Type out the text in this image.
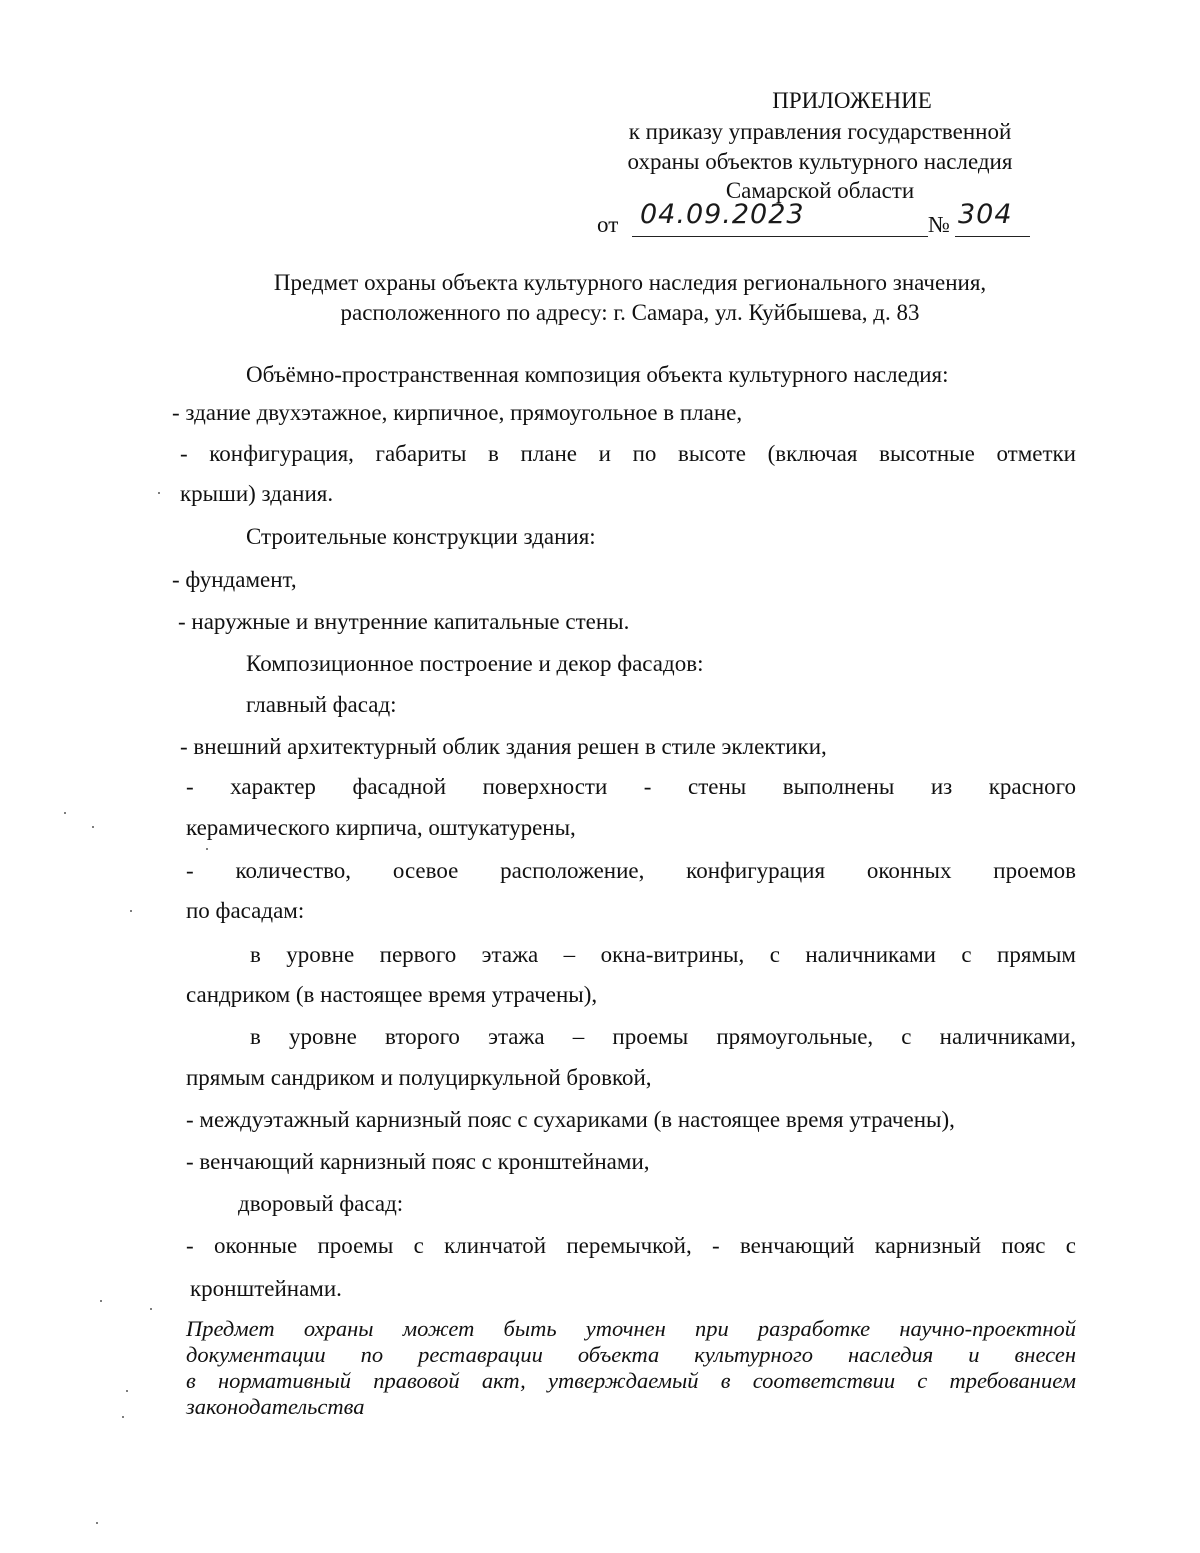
ПРИЛОЖЕНИЕ
к приказу управления государственной
охраны объектов культурного наследия
Самарской области
от 04.09.2023	№ 304
Предмет охраны объекта культурного наследия регионального значения,
расположенного по адресу: г. Самара, ул. Куйбышева, д. 83
Объёмно-пространственная композиция объекта культурного наследия:
- здание двухэтажное, кирпичное, прямоугольное в плане,
- конфигурация, габариты в плане и по высоте (включая высотные отметки
крыши) здания.
Строительные конструкции здания:
- фундамент,
- наружные и внутренние капитальные стены.
Композиционное построение и декор фасадов:
главный фасад:
- внешний архитектурный облик здания решен в стиле эклектики,
- характер фасадной поверхности - стены выполнены из красного
керамического кирпича, оштукатурены,
- количество, осевое расположение, конфигурация оконных проемов
по фасадам:
в уровне первого этажа – окна-витрины, с наличниками с прямым
сандриком (в настоящее время утрачены),
в уровне второго этажа – проемы прямоугольные, с наличниками,
прямым сандриком и полуциркульной бровкой,
- междуэтажный карнизный пояс с сухариками (в настоящее время утрачены),
- венчающий карнизный пояс с кронштейнами,
дворовый фасад:
- оконные проемы с клинчатой перемычкой, - венчающий карнизный пояс с
кронштейнами.
Предмет охраны может быть уточнен при разработке научно-проектной
документации по реставрации объекта культурного наследия и внесен
в нормативный правовой акт, утверждаемый в соответствии с требованием
законодательства
